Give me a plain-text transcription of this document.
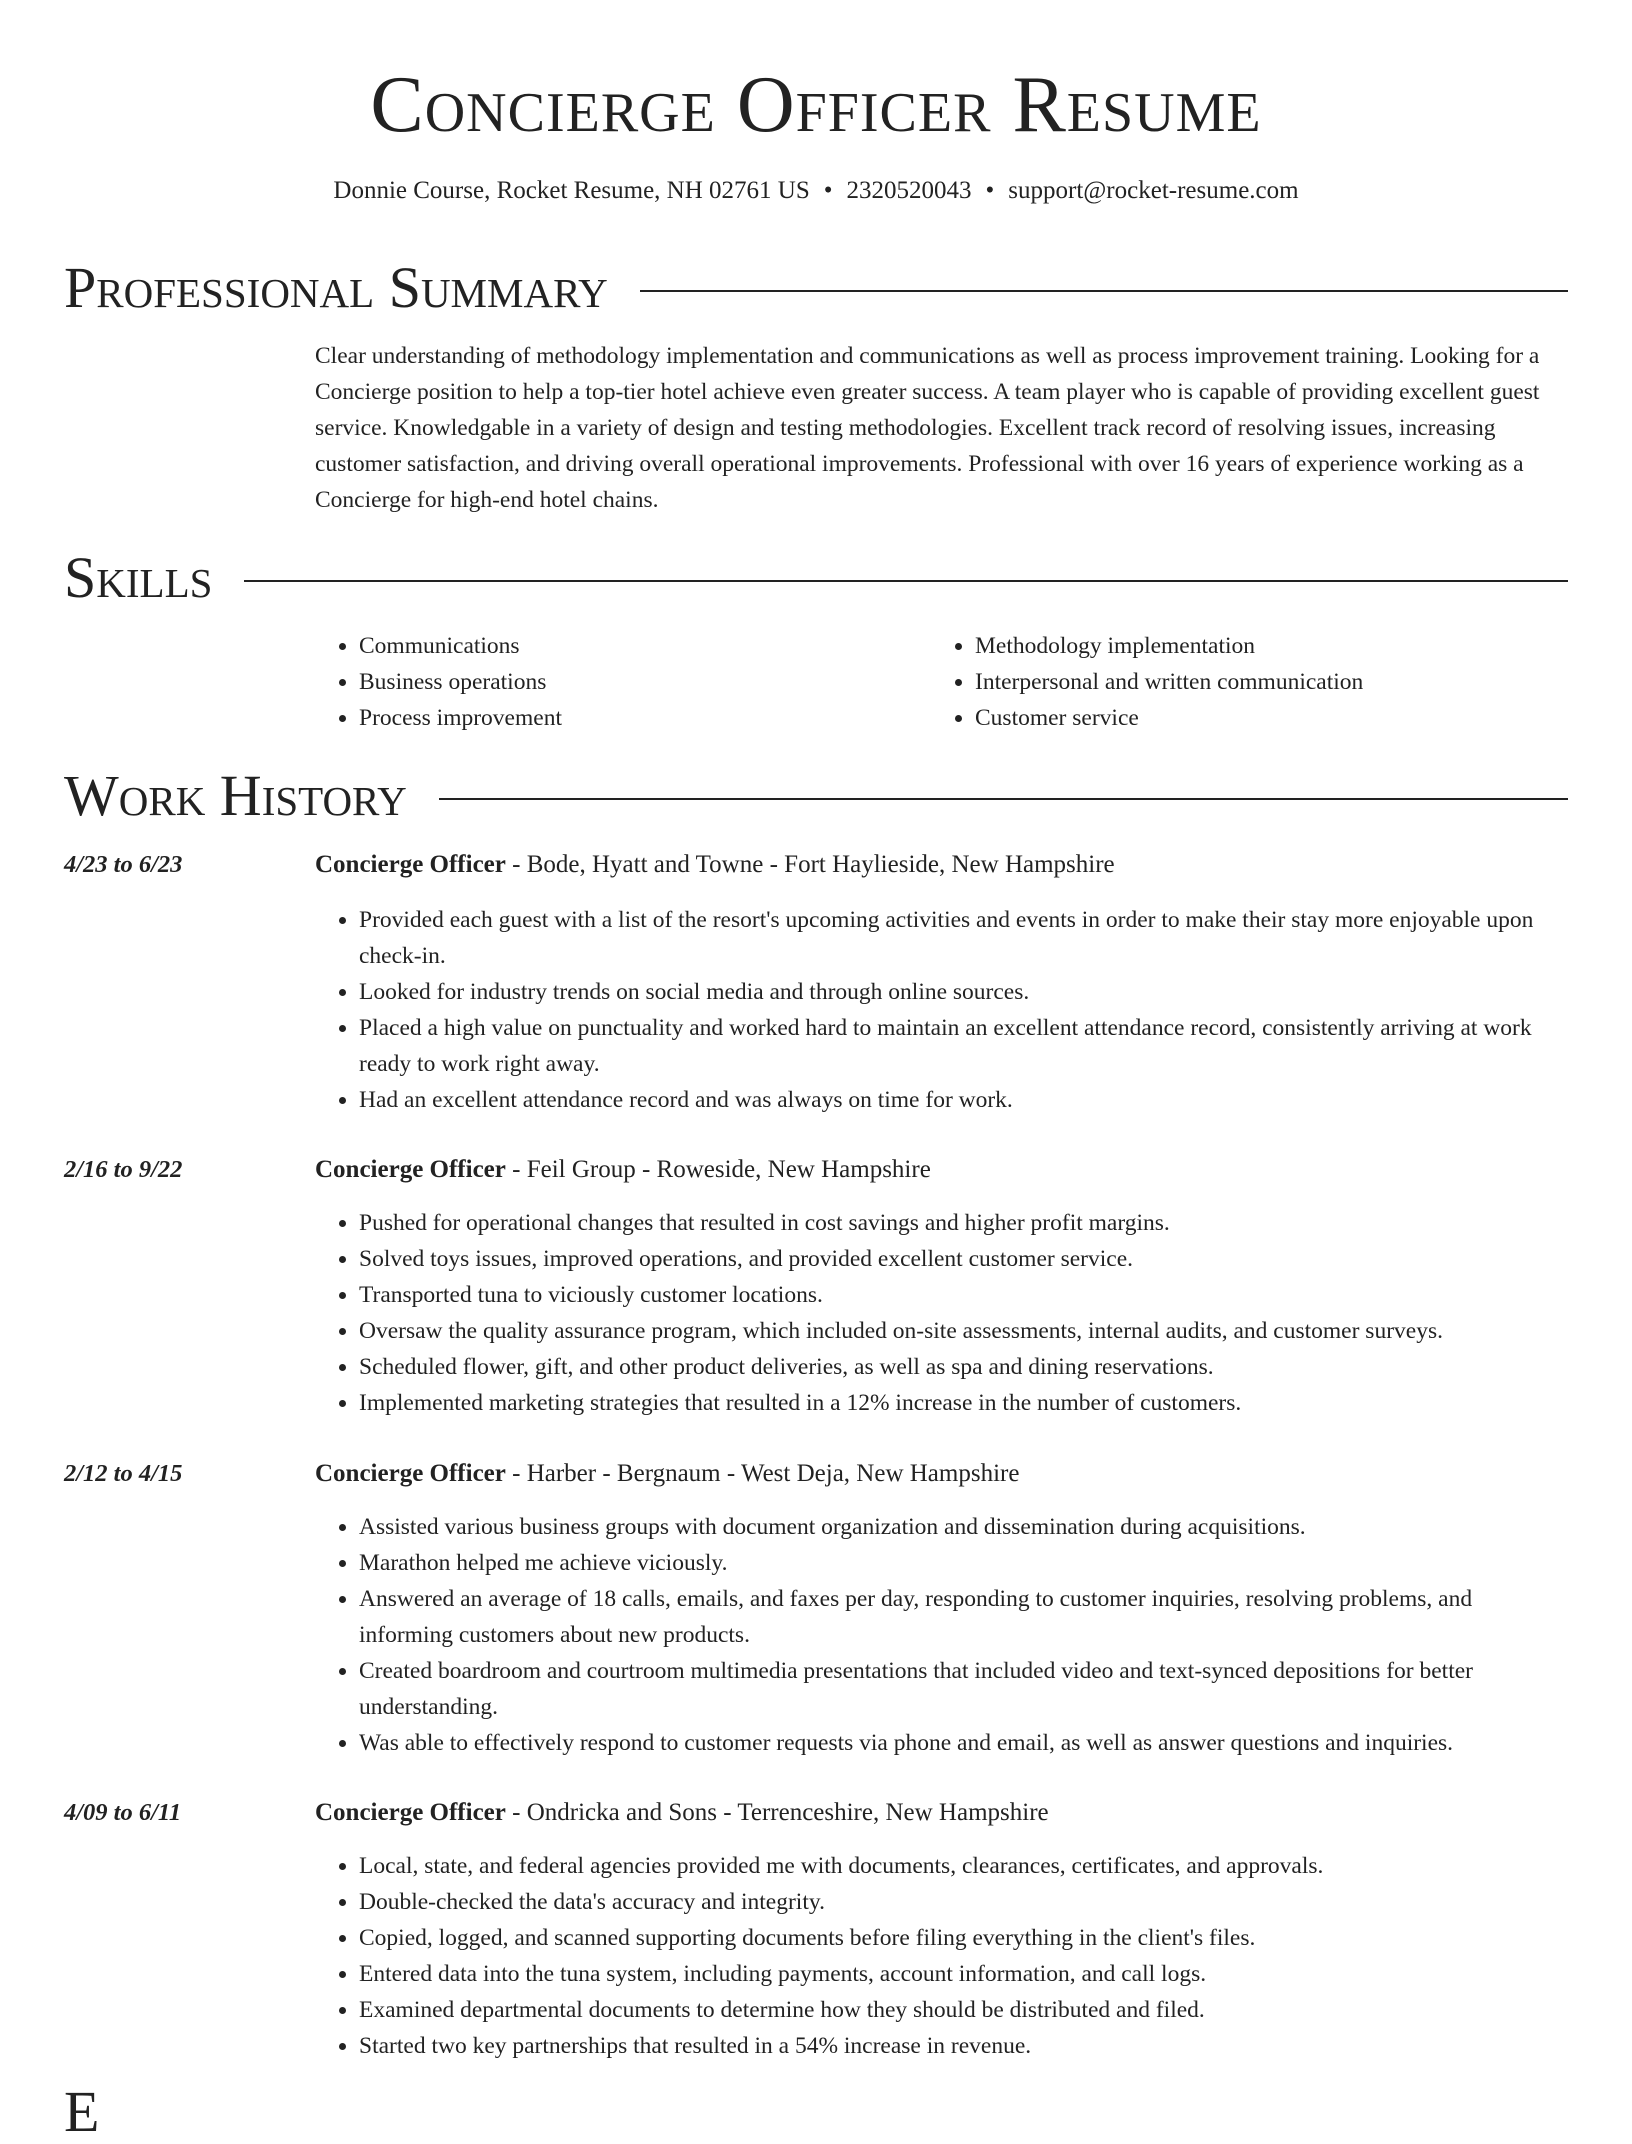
Concierge Officer Resume
Donnie Course, Rocket Resume, NH 02761 US • 2320520043 • support@rocket-resume.com
Professional Summary

Clear understanding of methodology implementation and communications as well as process improvement training. Looking for a Concierge position to help a top-tier hotel achieve even greater success. A team player who is capable of providing excellent guest service. Knowledgable in a variety of design and testing methodologies. Excellent track record of resolving issues, increasing customer satisfaction, and driving overall operational improvements. Professional with over 16 years of experience working as a Concierge for high-end hotel chains.

Skills
• Communications
• Business operations
• Process improvement
• Methodology implementation
• Interpersonal and written communication
• Customer service
Work History
4/23 to 6/23	Concierge Officer - Bode, Hyatt and Towne - Fort Haylieside, New Hampshire
• Provided each guest with a list of the resort's upcoming activities and events in order to make their stay more enjoyable upon check-in.
• Looked for industry trends on social media and through online sources.
• Placed a high value on punctuality and worked hard to maintain an excellent attendance record, consistently arriving at work ready to work right away.
• Had an excellent attendance record and was always on time for work.
2/16 to 9/22	Concierge Officer - Feil Group - Roweside, New Hampshire
• Pushed for operational changes that resulted in cost savings and higher profit margins.
• Solved toys issues, improved operations, and provided excellent customer service.
• Transported tuna to viciously customer locations.
• Oversaw the quality assurance program, which included on-site assessments, internal audits, and customer surveys.
• Scheduled flower, gift, and other product deliveries, as well as spa and dining reservations.
• Implemented marketing strategies that resulted in a 12% increase in the number of customers.
2/12 to 4/15	Concierge Officer - Harber - Bergnaum - West Deja, New Hampshire
• Assisted various business groups with document organization and dissemination during acquisitions.
• Marathon helped me achieve viciously.
• Answered an average of 18 calls, emails, and faxes per day, responding to customer inquiries, resolving problems, and informing customers about new products.
• Created boardroom and courtroom multimedia presentations that included video and text-synced depositions for better understanding.
• Was able to effectively respond to customer requests via phone and email, as well as answer questions and inquiries.
4/09 to 6/11	Concierge Officer - Ondricka and Sons - Terrenceshire, New Hampshire
• Local, state, and federal agencies provided me with documents, clearances, certificates, and approvals.
• Double-checked the data's accuracy and integrity.
• Copied, logged, and scanned supporting documents before filing everything in the client's files.
• Entered data into the tuna system, including payments, account information, and call logs.
• Examined departmental documents to determine how they should be distributed and filed.
• Started two key partnerships that resulted in a 54% increase in revenue.
E
